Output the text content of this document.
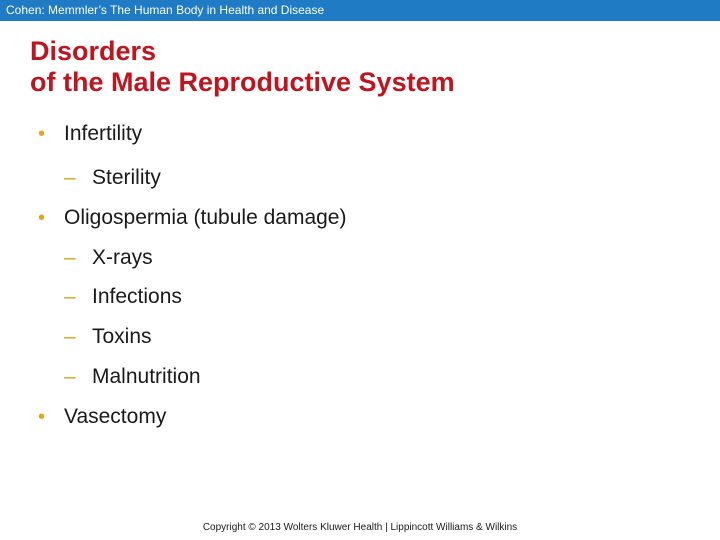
Cohen: Memmler’s The Human Body in Health and Disease
Disorders
of the Male Reproductive System
• Infertility
– Sterility
• Oligospermia (tubule damage)
– X-rays
– Infections
– Toxins
– Malnutrition
• Vasectomy
Copyright © 2013 Wolters Kluwer Health | Lippincott Williams & Wilkins
